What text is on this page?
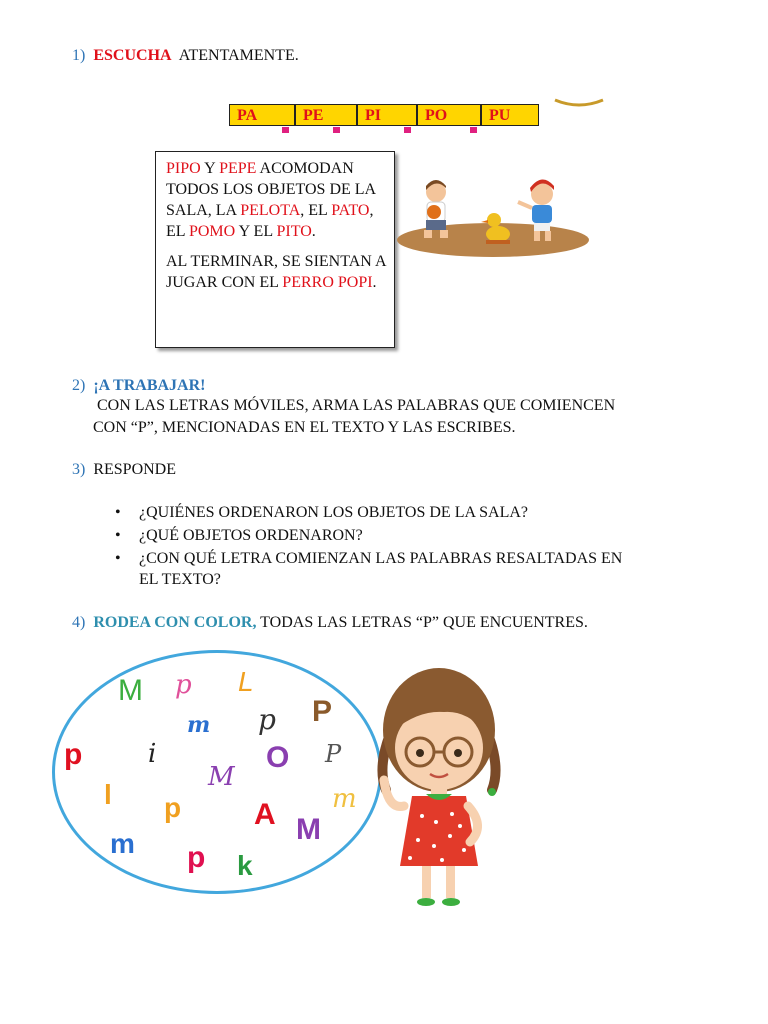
1) ESCUCHA ATENTAMENTE.
PA	PE	PI	PO	PU

PIPO Y PEPE ACOMODAN TODOS LOS OBJETOS DE LA SALA, LA PELOTA, EL PATO, EL POMO Y EL PITO.

AL TERMINAR, SE SIENTAN A JUGAR CON EL PERRO POPI.

2) ¡A TRABAJAR!
CON LAS LETRAS MÓVILES, ARMA LAS PALABRAS QUE COMIENCEN
CON “P”, MENCIONADAS EN EL TEXTO Y LAS ESCRIBES.
3) RESPONDE
• ¿QUIÉNES ORDENARON LOS OBJETOS DE LA SALA?
• ¿QUÉ OBJETOS ORDENARON?
• ¿CON QUÉ LETRA COMIENZAN LAS PALABRAS RESALTADAS EN
EL TEXTO?
4) RODEA CON COLOR, TODAS LAS LETRAS “P” QUE ENCUENTRES.
M p L
m p P
p	i
M
O P
l p A M
m
m p k
